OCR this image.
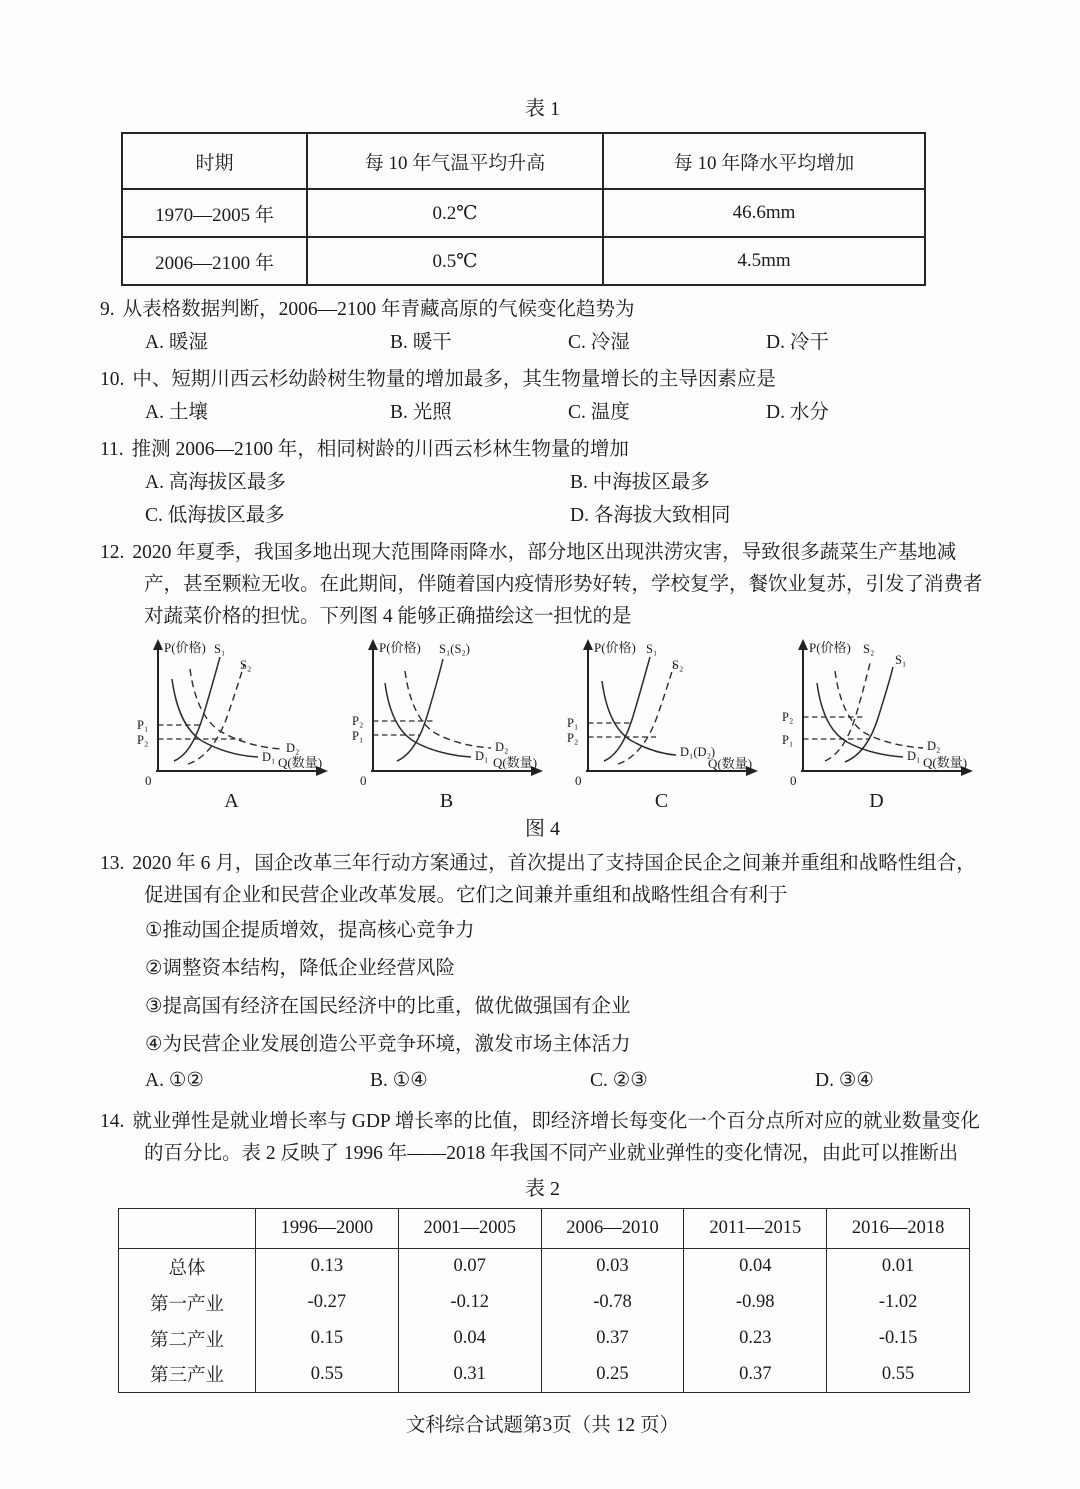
表 1
时期	每 10 年气温平均升高	每 10 年降水平均增加
1970—2005 年	0.2℃	46.6mm
2006—2100 年	0.5℃	4.5mm
9. 从表格数据判断，2006—2100 年青藏高原的气候变化趋势为
A. 暖湿	B. 暖干	C. 冷湿	D. 冷干
10. 中、短期川西云杉幼龄树生物量的增加最多，其生物量增长的主导因素应是
A. 土壤	B. 光照	C. 温度	D. 水分
11. 推测 2006—2100 年，相同树龄的川西云杉林生物量的增加
A. 高海拔区最多	B. 中海拔区最多
C. 低海拔区最多	D. 各海拔大致相同
12. 2020 年夏季，我国多地出现大范围降雨降水，部分地区出现洪涝灾害，导致很多蔬菜生产基地减产，甚至颗粒无收。在此期间，伴随着国内疫情形势好转，学校复学，餐饮业复苏，引发了消费者对蔬菜价格的担忧。下列图 4 能够正确描绘这一担忧的是
P(价格)
Q(数量)
0
S₁
S₂
D₂
D₁
P₁
P₂
P(价格)
Q(数量)
0
S₁(S₂)
D₂
D₁
P₂
P₁
P(价格)
Q(数量)
0
S₁
S₂
D₁(D₂)
P₁
P₂
P(价格)
Q(数量)
0
S₂
S₁
D₂
D₁
P₂
P₁
A	B	C	D
图 4
13. 2020 年 6 月，国企改革三年行动方案通过，首次提出了支持国企民企之间兼并重组和战略性组合，促进国有企业和民营企业改革发展。它们之间兼并重组和战略性组合有利于
①推动国企提质增效，提高核心竞争力
②调整资本结构，降低企业经营风险
③提高国有经济在国民经济中的比重，做优做强国有企业
④为民营企业发展创造公平竞争环境，激发市场主体活力
A. ①②	B. ①④	C. ②③	D. ③④
14. 就业弹性是就业增长率与 GDP 增长率的比值，即经济增长每变化一个百分点所对应的就业数量变化的百分比。表 2 反映了 1996 年——2018 年我国不同产业就业弹性的变化情况，由此可以推断出
表 2
	1996—2000	2001—2005	2006—2010	2011—2015	2016—2018
总体	0.13	0.07	0.03	0.04	0.01
第一产业	-0.27	-0.12	-0.78	-0.98	-1.02
第二产业	0.15	0.04	0.37	0.23	-0.15
第三产业	0.55	0.31	0.25	0.37	0.55
文科综合试题第3页（共 12 页）
